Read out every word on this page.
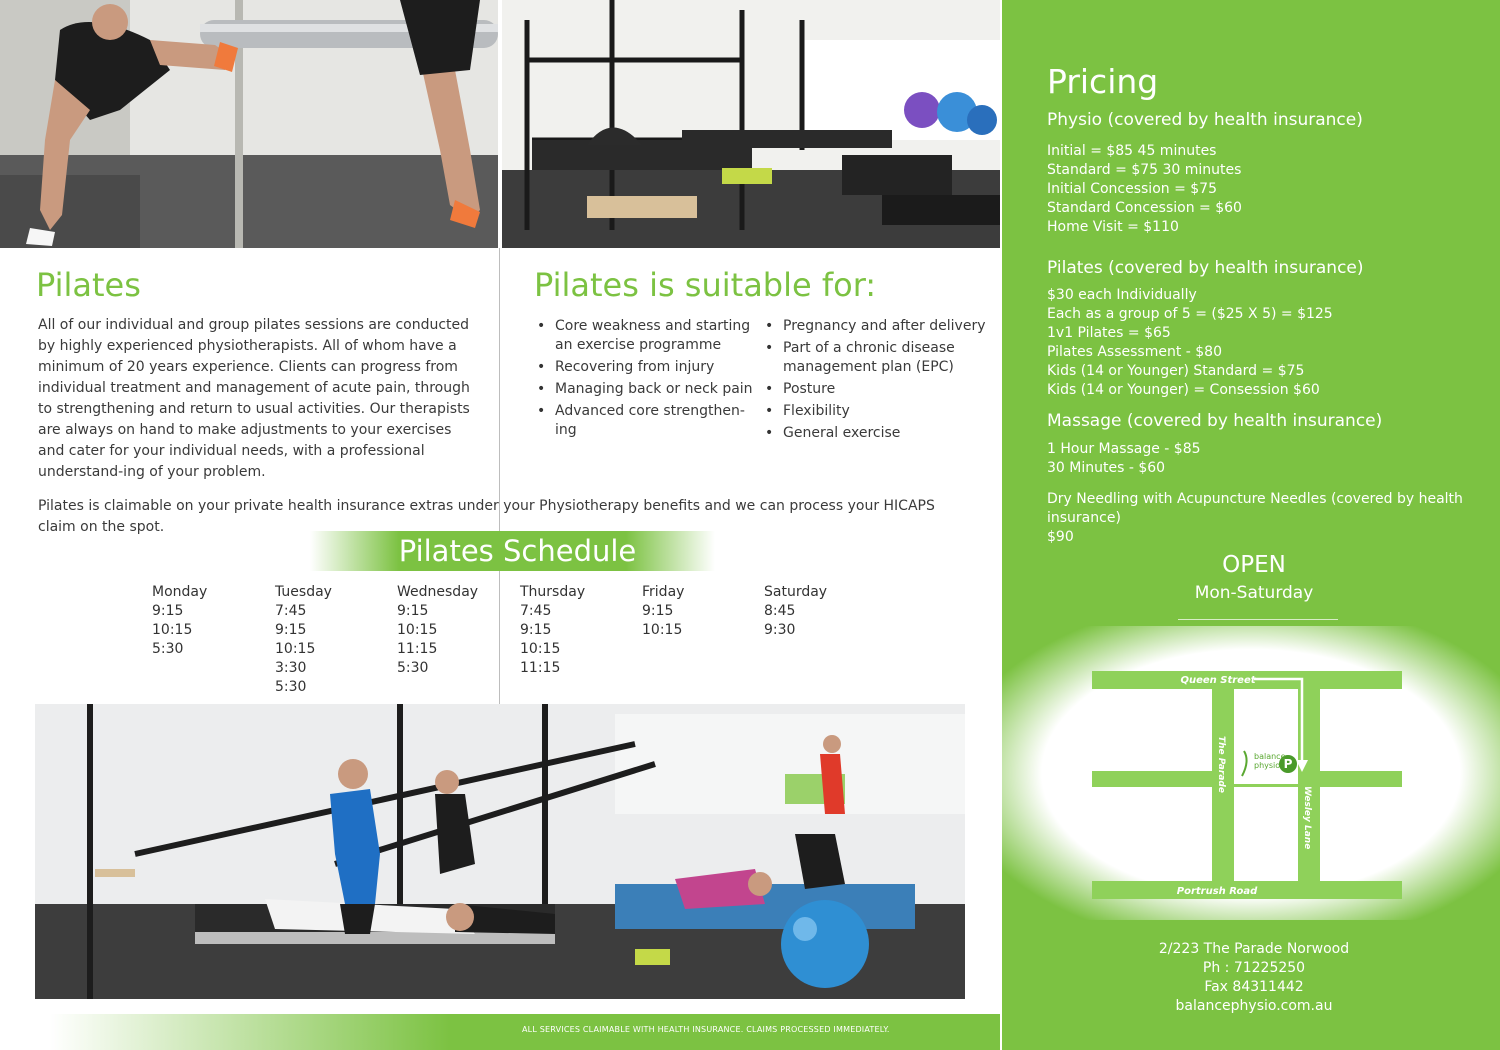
Pilates

All of our individual and group pilates sessions are conducted by highly experienced physiotherapists. All of whom have a minimum of 20 years experience. Clients can progress from individual treatment and management of acute pain, through to strengthening and return to usual activities. Our therapists are always on hand to make adjustments to your exercises and cater for your individual needs, with a professional understand-ing of your problem.

Pilates is suitable for:
• Core weakness and starting an exercise programme
• Recovering from injury
• Managing back or neck pain
• Advanced core strengthen-ing
• Pregnancy and after delivery
• Part of a chronic disease management plan (EPC)
• Posture
• Flexibility
• General exercise

Pilates is claimable on your private health insurance extras under your Physiotherapy benefits and we can process your HICAPS claim on the spot.

Pilates Schedule
Monday
9:15
10:15
5:30
Tuesday
7:45
9:15
10:15
3:30
5:30
Wednesday
9:15
10:15
11:15
5:30
Thursday
7:45
9:15
10:15
11:15
Friday
9:15
10:15
Saturday
8:45
9:30
ALL SERVICES CLAIMABLE WITH HEALTH INSURANCE. CLAIMS PROCESSED IMMEDIATELY.
Pricing
Physio (covered by health insurance)
Initial = $85 45 minutes
Standard = $75 30 minutes
Initial Concession = $75
Standard Concession = $60
Home Visit = $110
Pilates (covered by health insurance)
$30 each Individually
Each as a group of 5 = ($25 X 5) = $125
1v1 Pilates = $65
Pilates Assessment - $80
Kids (14 or Younger) Standard = $75
Kids (14 or Younger) = Consession $60
Massage (covered by health insurance)
1 Hour Massage - $85
30 Minutes - $60
Dry Needling with Acupuncture Needles (covered by health insurance)
$90
OPEN
Mon-Saturday
P
balance
physio
Queen Street
Portrush Road
The Parade
Wesley Lane
2/223 The Parade Norwood
Ph : 71225250
Fax 84311442
balancephysio.com.au
